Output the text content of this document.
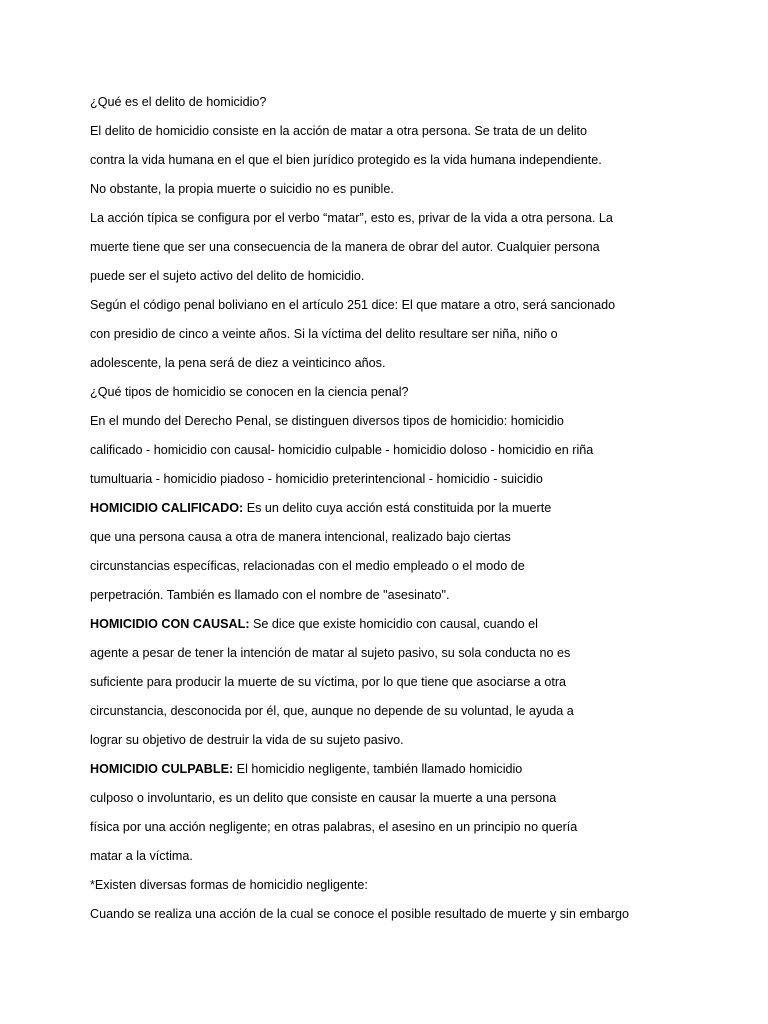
¿Qué es el delito de homicidio?
El delito de homicidio consiste en la acción de matar a otra persona. Se trata de un delito
contra la vida humana en el que el bien jurídico protegido es la vida humana independiente.
No obstante, la propia muerte o suicidio no es punible.
La acción típica se configura por el verbo “matar”, esto es, privar de la vida a otra persona. La
muerte tiene que ser una consecuencia de la manera de obrar del autor. Cualquier persona
puede ser el sujeto activo del delito de homicidio.
Según el código penal boliviano en el artículo 251 dice: El que matare a otro, será sancionado
con presidio de cinco a veinte años. Si la víctima del delito resultare ser niña, niño o
adolescente, la pena será de diez a veinticinco años.
¿Qué tipos de homicidio se conocen en la ciencia penal?
En el mundo del Derecho Penal, se distinguen diversos tipos de homicidio: homicidio
calificado - homicidio con causal- homicidio culpable - homicidio doloso - homicidio en riña
tumultuaria - homicidio piadoso - homicidio preterintencional - homicidio - suicidio
HOMICIDIO CALIFICADO: Es un delito cuya acción está constituida por la muerte
que una persona causa a otra de manera intencional, realizado bajo ciertas
circunstancias específicas, relacionadas con el medio empleado o el modo de
perpetración. También es llamado con el nombre de "asesinato".
HOMICIDIO CON CAUSAL: Se dice que existe homicidio con causal, cuando el
agente a pesar de tener la intención de matar al sujeto pasivo, su sola conducta no es
suficiente para producir la muerte de su víctima, por lo que tiene que asociarse a otra
circunstancia, desconocida por él, que, aunque no depende de su voluntad, le ayuda a
lograr su objetivo de destruir la vida de su sujeto pasivo.
HOMICIDIO CULPABLE: El homicidio negligente, también llamado homicidio
culposo o involuntario, es un delito que consiste en causar la muerte a una persona
física por una acción negligente; en otras palabras, el asesino en un principio no quería
matar a la víctima.
*Existen diversas formas de homicidio negligente:
Cuando se realiza una acción de la cual se conoce el posible resultado de muerte y sin embargo
